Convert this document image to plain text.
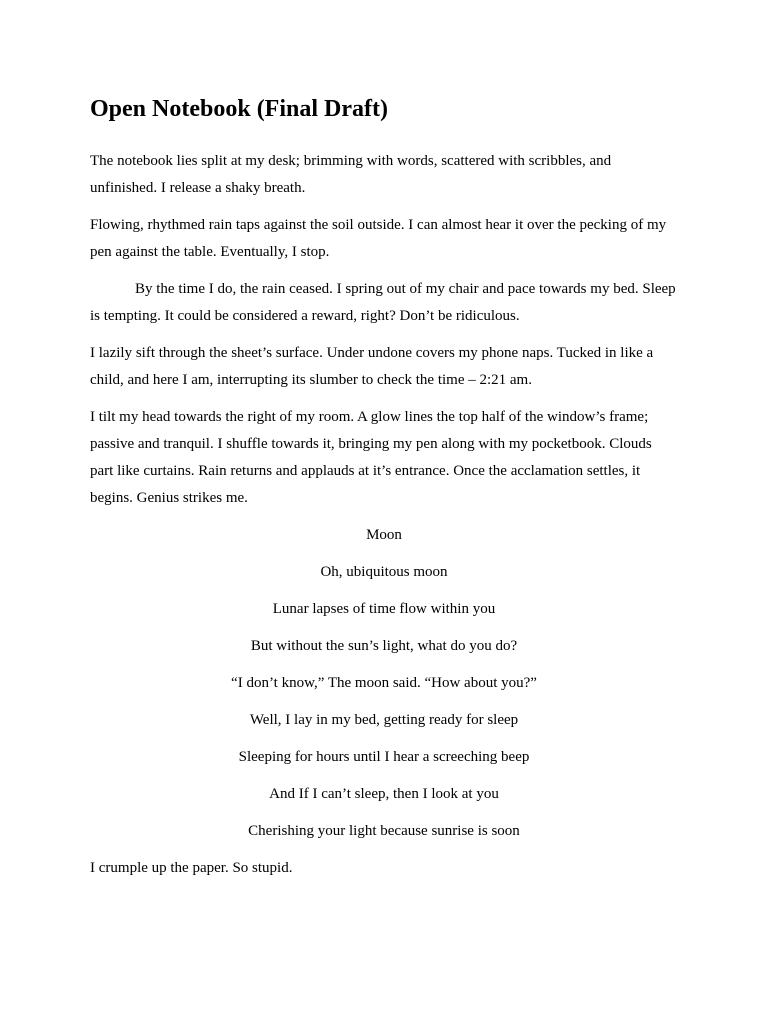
Open Notebook (Final Draft)

The notebook lies split at my desk; brimming with words, scattered with scribbles, and unfinished. I release a shaky breath.

Flowing, rhythmed rain taps against the soil outside. I can almost hear it over the pecking of my pen against the table. Eventually, I stop.

By the time I do, the rain ceased. I spring out of my chair and pace towards my bed. Sleep is tempting. It could be considered a reward, right? Don’t be ridiculous.

I lazily sift through the sheet’s surface. Under undone covers my phone naps. Tucked in like a child, and here I am, interrupting its slumber to check the time – 2:21 am.

I tilt my head towards the right of my room. A glow lines the top half of the window’s frame; passive and tranquil. I shuffle towards it, bringing my pen along with my pocketbook. Clouds part like curtains. Rain returns and applauds at it’s entrance. Once the acclamation settles, it begins. Genius strikes me.

Moon

Oh, ubiquitous moon

Lunar lapses of time flow within you

But without the sun’s light, what do you do?

“I don’t know,” The moon said. “How about you?”

Well, I lay in my bed, getting ready for sleep

Sleeping for hours until I hear a screeching beep

And If I can’t sleep, then I look at you

Cherishing your light because sunrise is soon

I crumple up the paper. So stupid.
